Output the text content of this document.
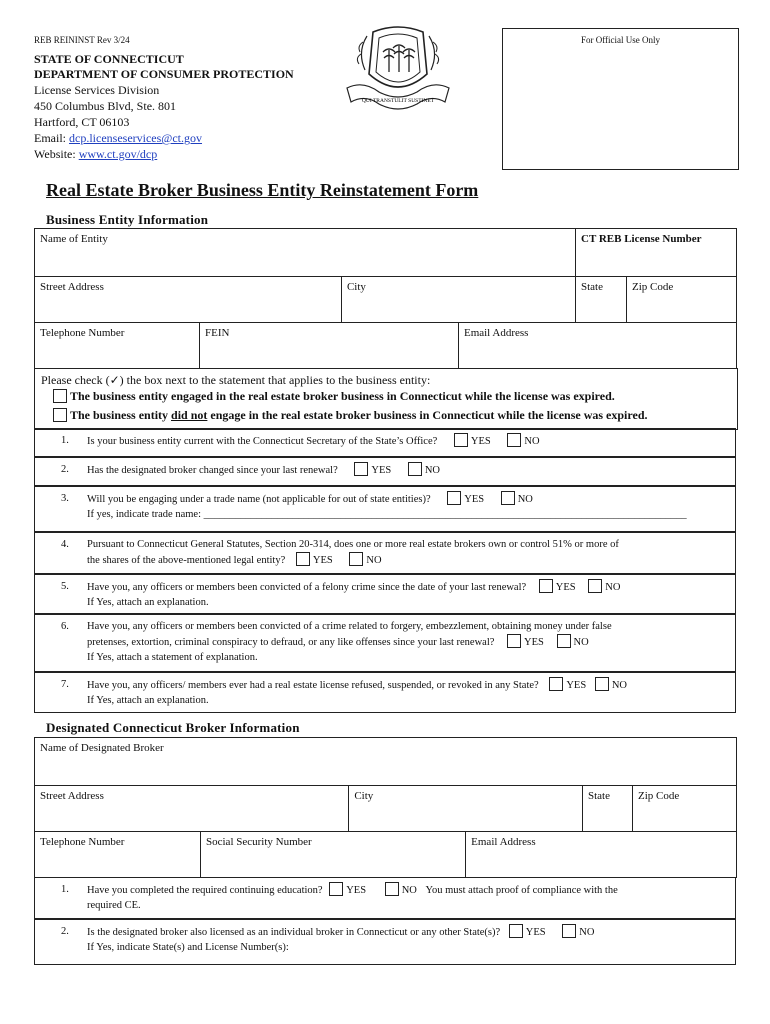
REB REININST Rev 3/24
STATE OF CONNECTICUT
DEPARTMENT OF CONSUMER PROTECTION
License Services Division
450 Columbus Blvd, Ste. 801
Hartford, CT 06103
Email: dcp.licenseservices@ct.gov
Website: www.ct.gov/dcp
QUI TRANSTULIT SUSTINET
For Official Use Only
Real Estate Broker Business Entity Reinstatement Form
Business Entity Information
Name of Entity				CT REB License Number	
Street Address		City		State	Zip Code
Telephone Number	FEIN		Email Address		
Please check (✓) the box next to the statement that applies to the business entity:
The business entity engaged in the real estate broker business in Connecticut while the license was expired.
The business entity did not engage in the real estate broker business in Connecticut while the license was expired.
1. Is your business entity current with the Connecticut Secretary of the State’s Office?	YES	NO
2. Has the designated broker changed since your last renewal?	YES	NO
3. Will you be engaging under a trade name (not applicable for out of state entities)?	YES	NO
If yes, indicate trade name: ____________________________________________________________________________________________
4. Pursuant to Connecticut General Statutes, Section 20-314, does one or more real estate brokers own or control 51% or more of
the shares of the above-mentioned legal entity?	YES	NO
5. Have you, any officers or members been convicted of a felony crime since the date of your last renewal?	YES	NO
If Yes, attach an explanation.
6. Have you, any officers or members been convicted of a crime related to forgery, embezzlement, obtaining money under false
pretenses, extortion, criminal conspiracy to defraud, or any like offenses since your last renewal?	YES	NO
If Yes, attach a statement of explanation.
7. Have you, any officers/ members ever had a real estate license refused, suspended, or revoked in any State?	YES NO
If Yes, attach an explanation.
Designated Connecticut Broker Information
Name of Designated Broker					
Street Address		City		State	Zip Code
Telephone Number	Social Security Number		Email Address		
1. Have you completed the required continuing education? YES	NO You must attach proof of compliance with the
required CE.
2. Is the designated broker also licensed as an individual broker in Connecticut or any other State(s)? YES	NO
If Yes, indicate State(s) and License Number(s):
